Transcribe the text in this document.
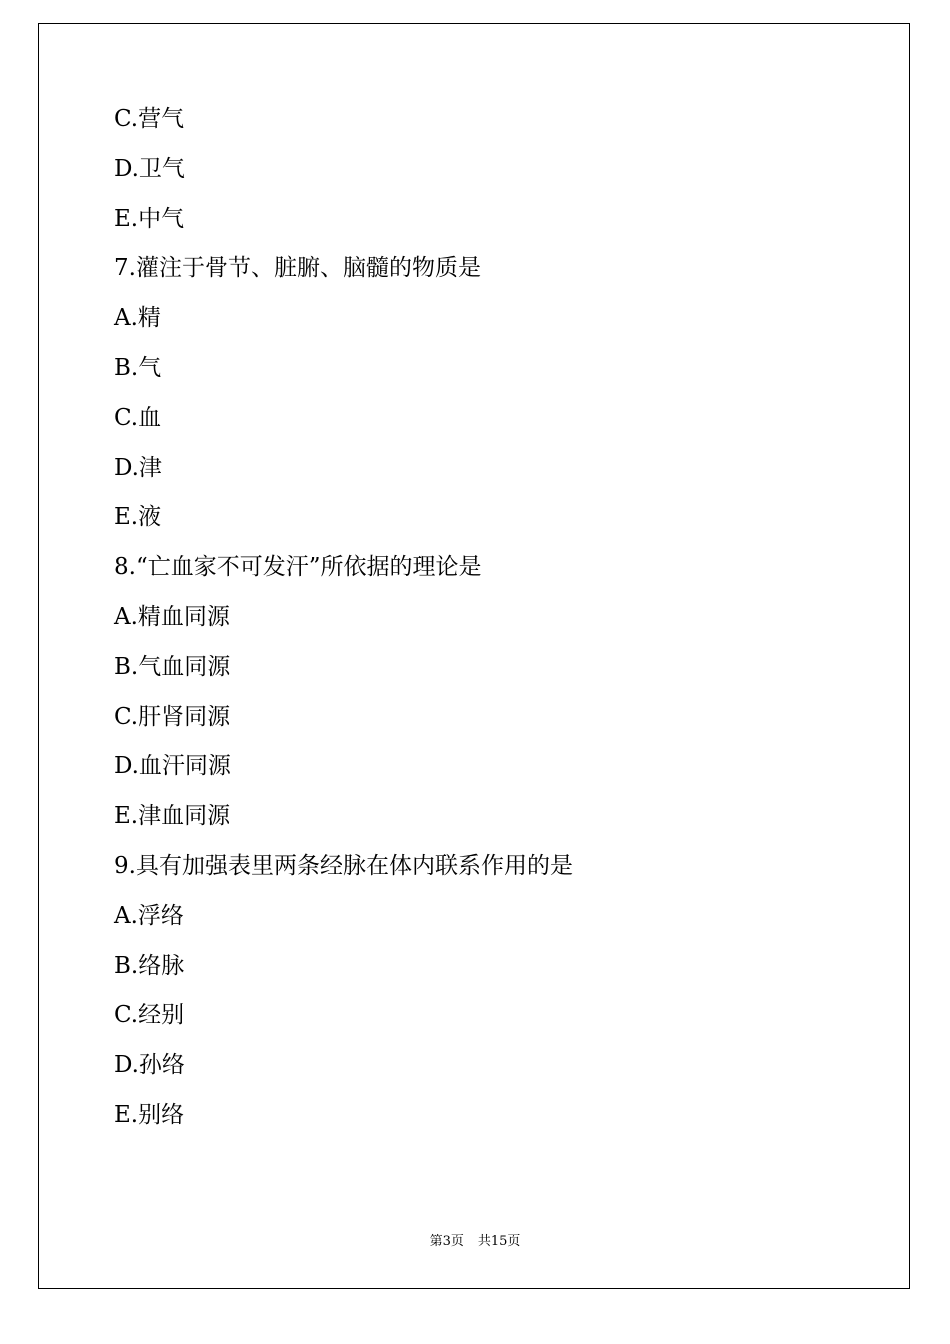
C.营气
D.卫气
E.中气
7.灌注于骨节、脏腑、脑髓的物质是
A.精
B.气
C.血
D.津
E.液
8.“亡血家不可发汗”所依据的理论是
A.精血同源
B.气血同源
C.肝肾同源
D.血汗同源
E.津血同源
9.具有加强表里两条经脉在体内联系作用的是
A.浮络
B.络脉
C.经别
D.孙络
E.别络
第3页 共15页
